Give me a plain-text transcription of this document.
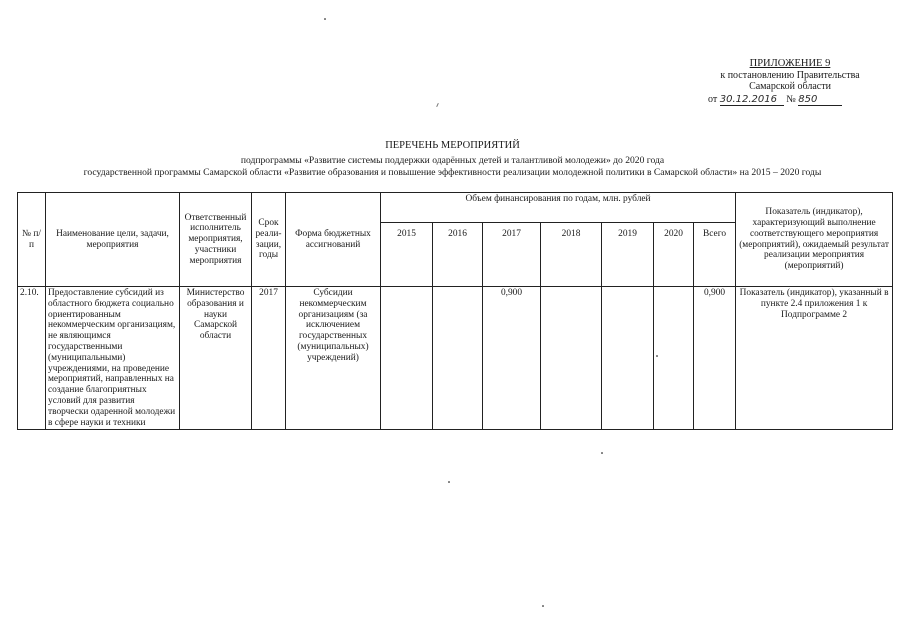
ПРИЛОЖЕНИЕ 9
к постановлению Правительства
Самарской области
от 30.12.2016 № 850
ПЕРЕЧЕНЬ МЕРОПРИЯТИЙ
подпрограммы «Развитие системы поддержки одарённых детей и талантливой молодежи» до 2020 года
государственной программы Самарской области «Развитие образования и повышение эффективности реализации молодежной политики в Самарской области» на 2015 – 2020 годы
№ п/п	Наименование цели, задачи, мероприятия	Ответственный исполнитель мероприятия, участники мероприятия	Срок реали-зации, годы	Форма бюджетных ассигнований	Объем финансирования по годам, млн. рублей							Показатель (индикатор), характеризующий выполнение соответствующего мероприятия (мероприятий), ожидаемый результат реализации мероприятия (мероприятий)
					2015	2016	2017	2018	2019	2020	Всего	
2.10.	Предоставление субсидий из областного бюджета социально ориентированным некоммерческим организациям, не являющимся государственными (муниципальными) учреждениями, на проведение мероприятий, направленных на создание благоприятных условий для развития творчески одаренной молодежи в сфере науки и техники	Министерство образования и науки Самарской области	2017	Субсидии некоммерческим организациям (за исключением государственных (муниципальных) учреждений)			0,900				0,900	Показатель (индикатор), указанный в пункте 2.4 приложения 1 к Подпрограмме 2
